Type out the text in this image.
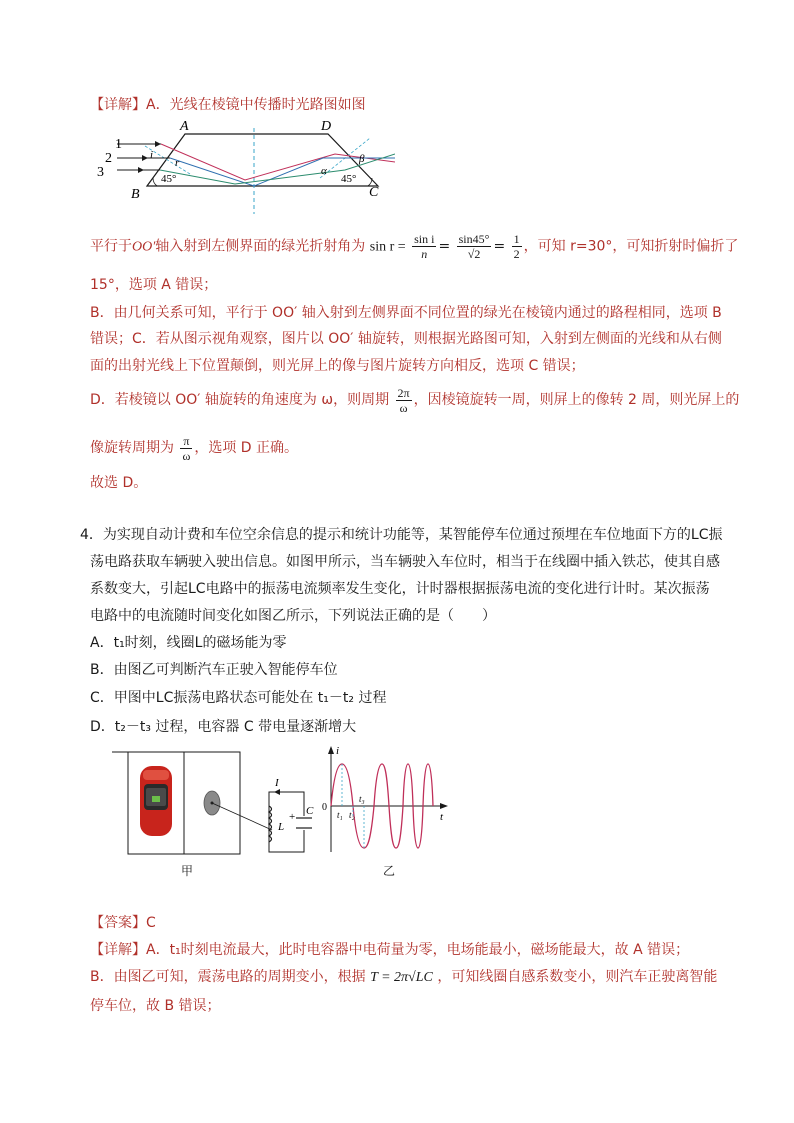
【详解】A．光线在棱镜中传播时光路图如图
A	D
B	C
1
2
3
i
r
45°	45°
α
β
平行于OO′轴入射到左侧界面的绿光折射角为 $\sin r = \frac{\text{sin i}}{n} = \frac{\sin 45^\circ}{√2} = \frac{1}{2}$ ，可知 r=30°，可知折射时偏折了
15°，选项 A 错误；
B．由几何关系可知，平行于 OO′ 轴入射到左侧界面不同位置的绿光在棱镜内通过的路程相同，选项 B
错误；C．若从图示视角观察，图片以 OO′ 轴旋转，则根据光路图可知，入射到左侧面的光线和从右侧
面的出射光线上下位置颠倒，则光屏上的像与图片旋转方向相反，选项 C 错误；
D．若棱镜以 OO′ 轴旋转的角速度为 ω，则周期 $\frac{2\pi}{\omega}$ ，因棱镜旋转一周，则屏上的像转 2 周，则光屏上的
像旋转周期为 $\frac{\pi}{\omega}$ ，选项 D 正确。
故选 D。
4．为实现自动计费和车位空余信息的提示和统计功能等，某智能停车位通过预埋在车位地面下方的LC振
荡电路获取车辆驶入驶出信息。如图甲所示，当车辆驶入车位时，相当于在线圈中插入铁芯，使其自感
系数变大，引起LC电路中的振荡电流频率发生变化，计时器根据振荡电流的变化进行计时。某次振荡
电路中的电流随时间变化如图乙所示，下列说法正确的是（　　）
A．t₁时刻，线圈L的磁场能为零
B．由图乙可判断汽车正驶入智能停车位
C．甲图中LC振荡电路状态可能处在 t₁－t₂ 过程
D．t₂－t₃ 过程，电容器 C 带电量逐渐增大
I
L
C
+
甲
i
t
0
t₁ t₂
t₃
乙
【答案】C
【详解】A．t₁时刻电流最大，此时电容器中电荷量为零，电场能最小，磁场能最大，故 A 错误；
B．由图乙可知，震荡电路的周期变小，根据 T = 2π√LC ，可知线圈自感系数变小，则汽车正驶离智能
停车位，故 B 错误；
